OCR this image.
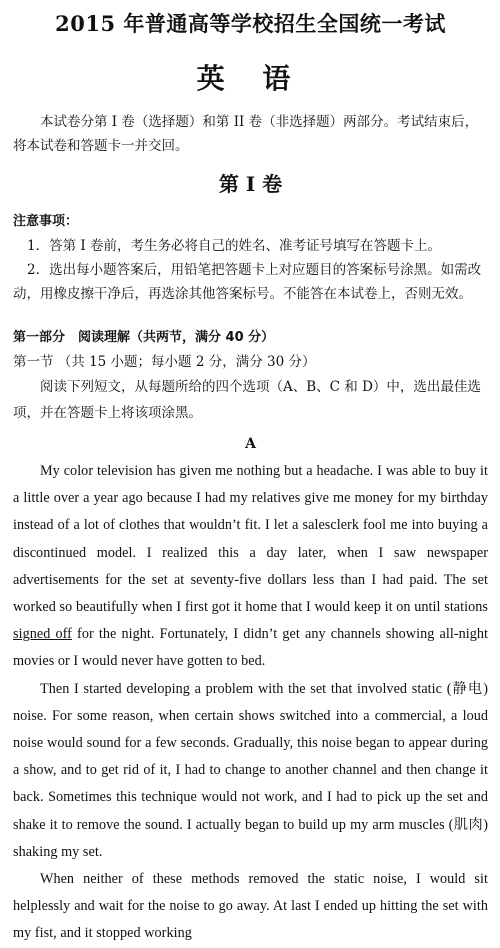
2015 年普通高等学校招生全国统一考试
英 语

本试卷分第 I 卷（选择题）和第 II 卷（非选择题）两部分。考试结束后，将本试卷和答题卡一并交回。

第 I 卷

注意事项：

1．答第 I 卷前，考生务必将自己的姓名、准考证号填写在答题卡上。

2．选出每小题答案后，用铅笔把答题卡上对应题目的答案标号涂黑。如需改动，用橡皮擦干净后，再选涂其他答案标号。不能答在本试卷上，否则无效。

第一部分　阅读理解（共两节，满分 40 分）

第一节 （共 15 小题；每小题 2 分，满分 30 分）

阅读下列短文，从每题所给的四个选项（A、B、C 和 D）中，选出最佳选项，并在答题卡上将该项涂黑。

A

My color television has given me nothing but a headache. I was able to buy it a little over a year ago because I had my relatives give me money for my birthday instead of a lot of clothes that wouldn’t fit. I let a salesclerk fool me into buying a discontinued model. I realized this a day later, when I saw newspaper advertisements for the set at seventy-five dollars less than I had paid. The set worked so beautifully when I first got it home that I would keep it on until stations signed off for the night. Fortunately, I didn’t get any channels showing all-night movies or I would never have gotten to bed.

Then I started developing a problem with the set that involved static (静电) noise. For some reason, when certain shows switched into a commercial, a loud noise would sound for a few seconds. Gradually, this noise began to appear during a show, and to get rid of it, I had to change to another channel and then change it back. Sometimes this technique would not work, and I had to pick up the set and shake it to remove the sound. I actually began to build up my arm muscles (肌肉) shaking my set.

When neither of these methods removed the static noise, I would sit helplessly and wait for the noise to go away. At last I ended up hitting the set with my fist, and it stopped working
